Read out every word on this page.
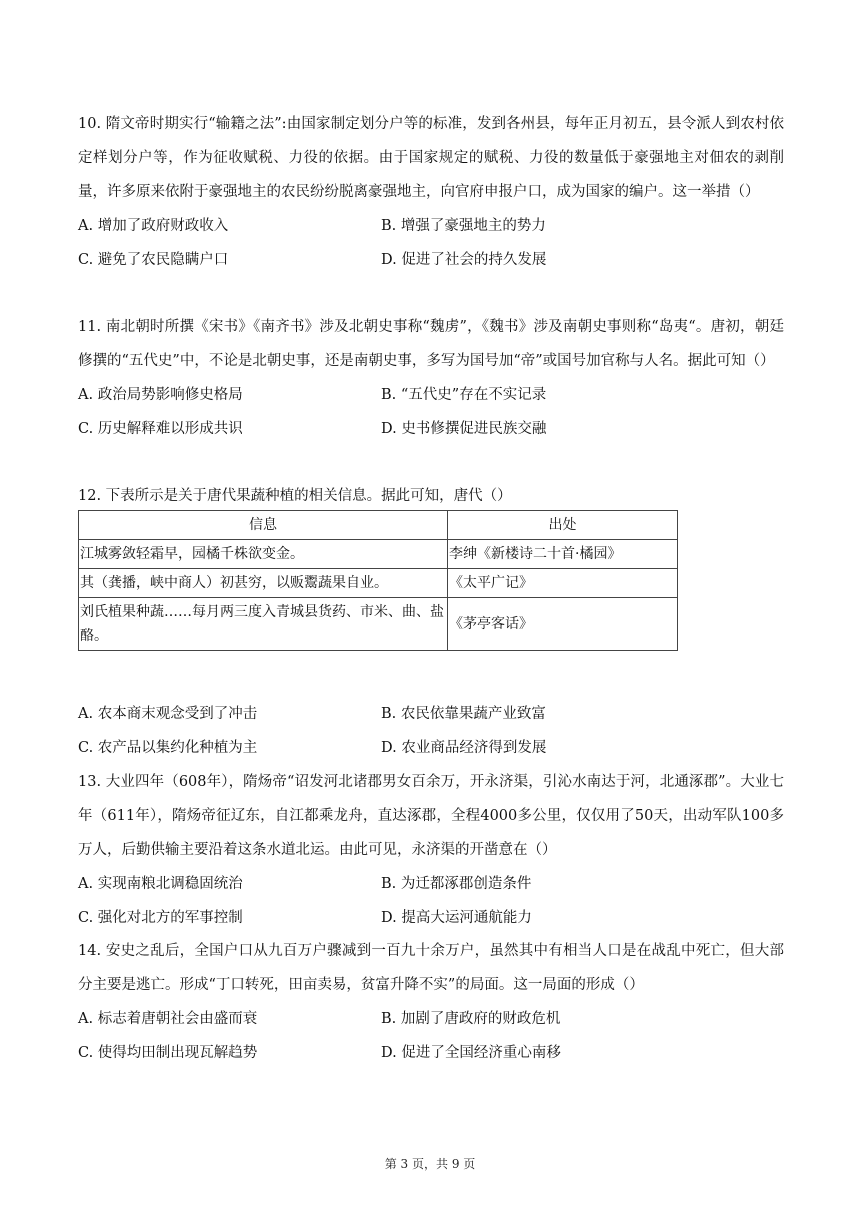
10. 隋文帝时期实行“输籍之法”:由国家制定划分户等的标准，发到各州县，每年正月初五，县令派人到农村依定样划分户等，作为征收赋税、力役的依据。由于国家规定的赋税、力役的数量低于豪强地主对佃农的剥削量，许多原来依附于豪强地主的农民纷纷脱离豪强地主，向官府申报户口，成为国家的编户。这一举措（）

A. 增加了政府财政收入	B. 增强了豪强地主的势力
C. 避免了农民隐瞒户口	D. 促进了社会的持久发展

11. 南北朝时所撰《宋书》《南齐书》涉及北朝史事称“魏虏”，《魏书》涉及南朝史事则称“岛夷“。唐初，朝廷修撰的“五代史”中，不论是北朝史事，还是南朝史事，多写为国号加“帝”或国号加官称与人名。据此可知（）

A. 政治局势影响修史格局	B. “五代史”存在不实记录
C. 历史解释难以形成共识	D. 史书修撰促进民族交融

12. 下表所示是关于唐代果蔬种植的相关信息。据此可知，唐代（）

信息	出处
江城雾敛轻霜早，园橘千株欲变金。	李绅《新楼诗二十首·橘园》
其（龚播，峡中商人）初甚穷，以贩鬻蔬果自业。	《太平广记》
刘氏植果种蔬……每月两三度入青城县货药、市米、曲、盐酪。	《茅亭客话》
A. 农本商末观念受到了冲击	B. 农民依靠果蔬产业致富
C. 农产品以集约化种植为主	D. 农业商品经济得到发展

13. 大业四年（608年），隋炀帝“诏发河北诸郡男女百余万，开永济渠，引沁水南达于河，北通涿郡”。大业七年（611年），隋炀帝征辽东，自江都乘龙舟，直达涿郡，全程4000多公里，仅仅用了50天，出动军队100多万人，后勤供输主要沿着这条水道北运。由此可见，永济渠的开凿意在（）

A. 实现南粮北调稳固统治	B. 为迁都涿郡创造条件
C. 强化对北方的军事控制	D. 提高大运河通航能力

14. 安史之乱后，全国户口从九百万户骤减到一百九十余万户，虽然其中有相当人口是在战乱中死亡，但大部分主要是逃亡。形成“丁口转死，田亩卖易，贫富升降不实”的局面。这一局面的形成（）

A. 标志着唐朝社会由盛而衰	B. 加剧了唐政府的财政危机
C. 使得均田制出现瓦解趋势	D. 促进了全国经济重心南移
第 3 页，共 9 页
